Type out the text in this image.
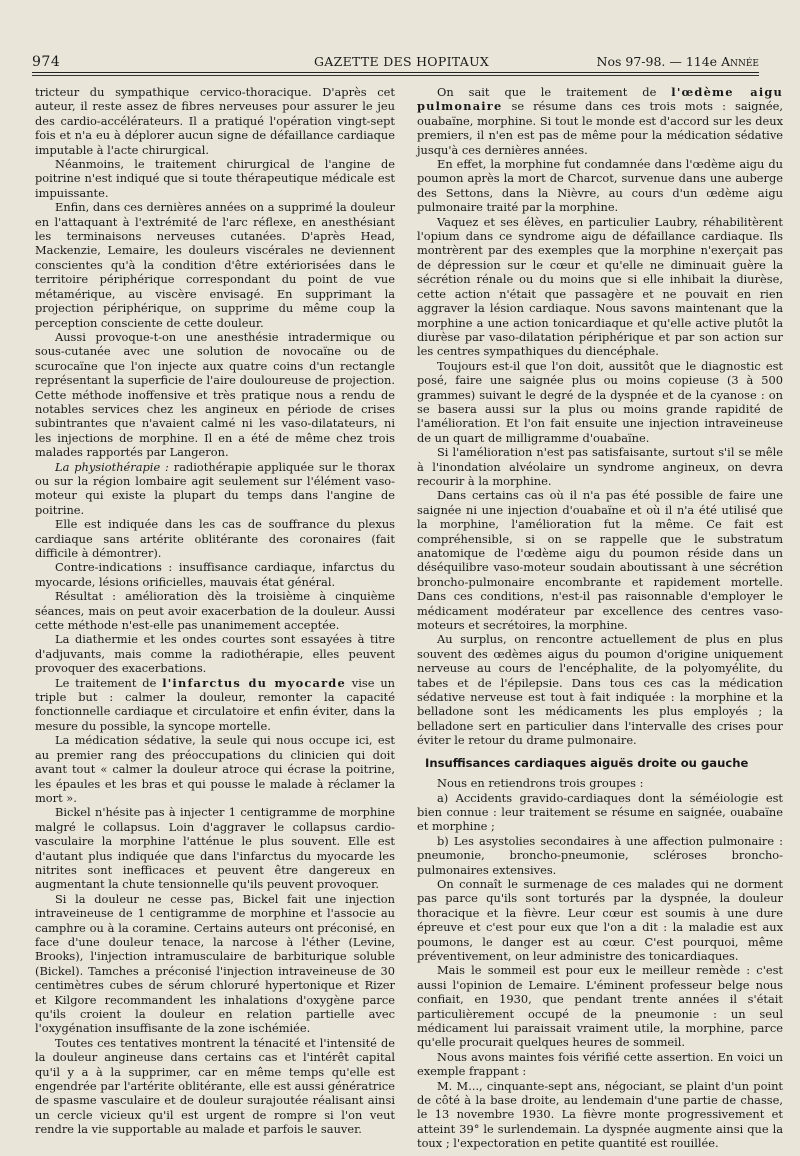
974	GAZETTE DES HOPITAUX	Nos 97-98. — 114e Année

tricteur du sympathique cervico-thoracique. D'après cet auteur, il reste assez de fibres nerveuses pour assurer le jeu des cardio-accélérateurs. Il a pratiqué l'opération vingt-sept fois et n'a eu à déplorer aucun signe de défaillance cardiaque imputable à l'acte chirurgical.

Néanmoins, le traitement chirurgical de l'angine de poitrine n'est indiqué que si toute thérapeutique médicale est impuissante.

Enfin, dans ces dernières années on a supprimé la douleur en l'attaquant à l'extrémité de l'arc réflexe, en anesthésiant les terminaisons nerveuses cutanées. D'après Head, Mackenzie, Lemaire, les douleurs viscérales ne deviennent conscientes qu'à la condition d'être extériorisées dans le territoire périphérique correspondant du point de vue métamérique, au viscère envisagé. En supprimant la projection périphérique, on supprime du même coup la perception consciente de cette douleur.

Aussi provoque-t-on une anesthésie intradermique ou sous-cutanée avec une solution de novocaïne ou de scurocaïne que l'on injecte aux quatre coins d'un rectangle représentant la superficie de l'aire douloureuse de projection. Cette méthode inoffensive et très pratique nous a rendu de notables services chez les angineux en période de crises subintrantes que n'avaient calmé ni les vaso-dilatateurs, ni les injections de morphine. Il en a été de même chez trois malades rapportés par Langeron.

La physiothérapie : radiothérapie appliquée sur le thorax ou sur la région lombaire agit seulement sur l'élément vaso-moteur qui existe la plupart du temps dans l'angine de poitrine.

Elle est indiquée dans les cas de souffrance du plexus cardiaque sans artérite oblitérante des coronaires (fait difficile à démontrer).

Contre-indications : insuffisance cardiaque, infarctus du myocarde, lésions orificielles, mauvais état général.

Résultat : amélioration dès la troisième à cinquième séances, mais on peut avoir exacerbation de la douleur. Aussi cette méthode n'est-elle pas unanimement acceptée.

La diathermie et les ondes courtes sont essayées à titre d'adjuvants, mais comme la radiothérapie, elles peuvent provoquer des exacerbations.

Le traitement de l'infarctus du myocarde vise un triple but : calmer la douleur, remonter la capacité fonctionnelle cardiaque et circulatoire et enfin éviter, dans la mesure du possible, la syncope mortelle.

La médication sédative, la seule qui nous occupe ici, est au premier rang des préoccupations du clinicien qui doit avant tout « calmer la douleur atroce qui écrase la poitrine, les épaules et les bras et qui pousse le malade à réclamer la mort ».

Bickel n'hésite pas à injecter 1 centigramme de morphine malgré le collapsus. Loin d'aggraver le collapsus cardio-vasculaire la morphine l'atténue le plus souvent. Elle est d'autant plus indiquée que dans l'infarctus du myocarde les nitrites sont inefficaces et peuvent être dangereux en augmentant la chute tensionnelle qu'ils peuvent provoquer.

Si la douleur ne cesse pas, Bickel fait une injection intraveineuse de 1 centigramme de morphine et l'associe au camphre ou à la coramine. Certains auteurs ont préconisé, en face d'une douleur tenace, la narcose à l'éther (Levine, Brooks), l'injection intramusculaire de barbiturique soluble (Bickel). Tamches a préconisé l'injection intraveineuse de 30 centimètres cubes de sérum chloruré hypertonique et Rizer et Kilgore recommandent les inhalations d'oxygène parce qu'ils croient la douleur en relation partielle avec l'oxygénation insuffisante de la zone ischémiée.

Toutes ces tentatives montrent la ténacité et l'intensité de la douleur angineuse dans certains cas et l'intérêt capital qu'il y a à la supprimer, car en même temps qu'elle est engendrée par l'artérite oblitérante, elle est aussi génératrice de spasme vasculaire et de douleur surajoutée réalisant ainsi un cercle vicieux qu'il est urgent de rompre si l'on veut rendre la vie supportable au malade et parfois le sauver.

On sait que le traitement de l'œdème aigu pulmonaire se résume dans ces trois mots : saignée, ouabaïne, morphine. Si tout le monde est d'accord sur les deux premiers, il n'en est pas de même pour la médication sédative jusqu'à ces dernières années.

En effet, la morphine fut condamnée dans l'œdème aigu du poumon après la mort de Charcot, survenue dans une auberge des Settons, dans la Nièvre, au cours d'un œdème aigu pulmonaire traité par la morphine.

Vaquez et ses élèves, en particulier Laubry, réhabilitèrent l'opium dans ce syndrome aigu de défaillance cardiaque. Ils montrèrent par des exemples que la morphine n'exerçait pas de dépression sur le cœur et qu'elle ne diminuait guère la sécrétion rénale ou du moins que si elle inhibait la diurèse, cette action n'était que passagère et ne pouvait en rien aggraver la lésion cardiaque. Nous savons maintenant que la morphine a une action tonicardiaque et qu'elle active plutôt la diurèse par vaso-dilatation périphérique et par son action sur les centres sympathiques du diencéphale.

Toujours est-il que l'on doit, aussitôt que le diagnostic est posé, faire une saignée plus ou moins copieuse (3 à 500 grammes) suivant le degré de la dyspnée et de la cyanose : on se basera aussi sur la plus ou moins grande rapidité de l'amélioration. Et l'on fait ensuite une injection intraveineuse de un quart de milligramme d'ouabaïne.

Si l'amélioration n'est pas satisfaisante, surtout s'il se mêle à l'inondation alvéolaire un syndrome angineux, on devra recourir à la morphine.

Dans certains cas où il n'a pas été possible de faire une saignée ni une injection d'ouabaïne et où il n'a été utilisé que la morphine, l'amélioration fut la même. Ce fait est compréhensible, si on se rappelle que le substratum anatomique de l'œdème aigu du poumon réside dans un déséquilibre vaso-moteur soudain aboutissant à une sécrétion broncho-pulmonaire encombrante et rapidement mortelle. Dans ces conditions, n'est-il pas raisonnable d'employer le médicament modérateur par excellence des centres vaso-moteurs et secrétoires, la morphine.

Au surplus, on rencontre actuellement de plus en plus souvent des œdèmes aigus du poumon d'origine uniquement nerveuse au cours de l'encéphalite, de la polyomyélite, du tabes et de l'épilepsie. Dans tous ces cas la médication sédative nerveuse est tout à fait indiquée : la morphine et la belladone sont les médicaments les plus employés ; la belladone sert en particulier dans l'intervalle des crises pour éviter le retour du drame pulmonaire.

Insuffisances cardiaques aiguës droite ou gauche

Nous en retiendrons trois groupes :

a) Accidents gravido-cardiaques dont la séméiologie est bien connue : leur traitement se résume en saignée, ouabaïne et morphine ;

b) Les asystolies secondaires à une affection pulmonaire : pneumonie, broncho-pneumonie, scléroses broncho-pulmonaires extensives.

On connaît le surmenage de ces malades qui ne dorment pas parce qu'ils sont torturés par la dyspnée, la douleur thoracique et la fièvre. Leur cœur est soumis à une dure épreuve et c'est pour eux que l'on a dit : la maladie est aux poumons, le danger est au cœur. C'est pourquoi, même préventivement, on leur administre des tonicardiaques.

Mais le sommeil est pour eux le meilleur remède : c'est aussi l'opinion de Lemaire. L'éminent professeur belge nous confiait, en 1930, que pendant trente années il s'était particulièrement occupé de la pneumonie : un seul médicament lui paraissait vraiment utile, la morphine, parce qu'elle procurait quelques heures de sommeil.

Nous avons maintes fois vérifié cette assertion. En voici un exemple frappant :

M. M..., cinquante-sept ans, négociant, se plaint d'un point de côté à la base droite, au lendemain d'une partie de chasse, le 13 novembre 1930. La fièvre monte progressivement et atteint 39° le surlendemain. La dyspnée augmente ainsi que la toux ; l'expectoration en petite quantité est rouillée.
